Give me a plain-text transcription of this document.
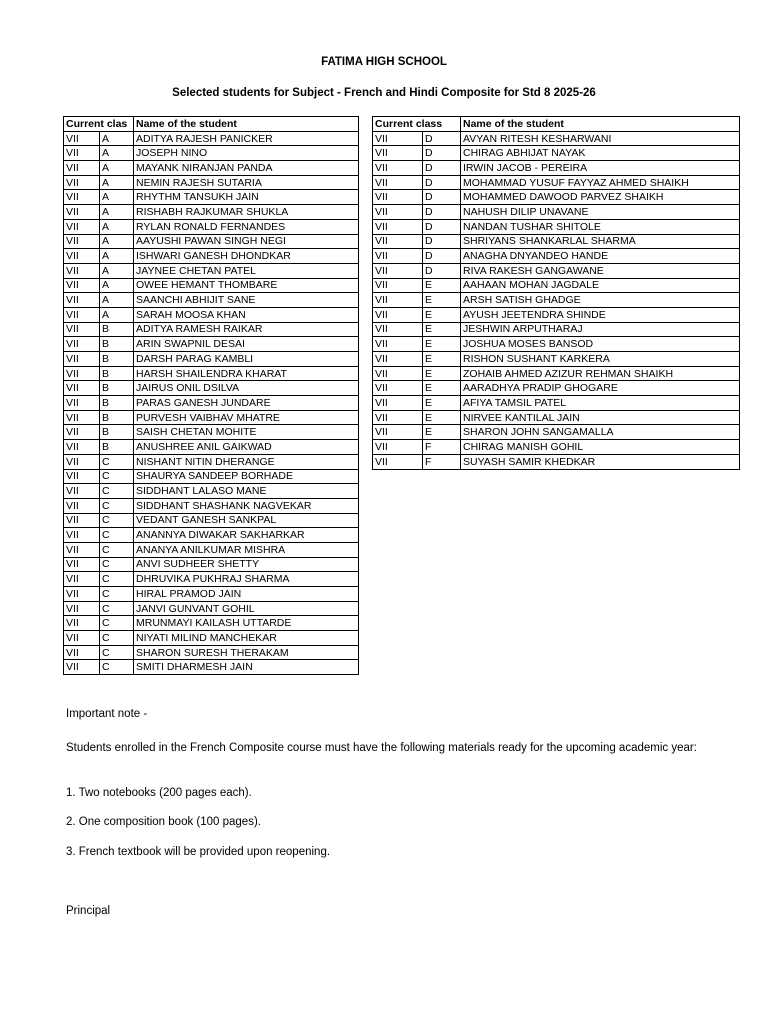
FATIMA HIGH SCHOOL
Selected students for Subject - French and Hindi Composite for Std 8 2025-26
Current clas		Name of the student
VII	A	ADITYA RAJESH PANICKER
VII	A	JOSEPH NINO
VII	A	MAYANK NIRANJAN PANDA
VII	A	NEMIN RAJESH SUTARIA
VII	A	RHYTHM TANSUKH JAIN
VII	A	RISHABH RAJKUMAR SHUKLA
VII	A	RYLAN RONALD FERNANDES
VII	A	AAYUSHI PAWAN SINGH NEGI
VII	A	ISHWARI GANESH DHONDKAR
VII	A	JAYNEE CHETAN PATEL
VII	A	OWEE HEMANT THOMBARE
VII	A	SAANCHI ABHIJIT SANE
VII	A	SARAH MOOSA KHAN
VII	B	ADITYA RAMESH RAIKAR
VII	B	ARIN SWAPNIL DESAI
VII	B	DARSH PARAG KAMBLI
VII	B	HARSH SHAILENDRA KHARAT
VII	B	JAIRUS ONIL DSILVA
VII	B	PARAS GANESH JUNDARE
VII	B	PURVESH VAIBHAV MHATRE
VII	B	SAISH CHETAN MOHITE
VII	B	ANUSHREE ANIL GAIKWAD
VII	C	NISHANT NITIN DHERANGE
VII	C	SHAURYA SANDEEP BORHADE
VII	C	SIDDHANT LALASO MANE
VII	C	SIDDHANT SHASHANK NAGVEKAR
VII	C	VEDANT GANESH SANKPAL
VII	C	ANANNYA DIWAKAR SAKHARKAR
VII	C	ANANYA ANILKUMAR MISHRA
VII	C	ANVI SUDHEER SHETTY
VII	C	DHRUVIKA PUKHRAJ SHARMA
VII	C	HIRAL PRAMOD JAIN
VII	C	JANVI GUNVANT GOHIL
VII	C	MRUNMAYI KAILASH UTTARDE
VII	C	NIYATI MILIND MANCHEKAR
VII	C	SHARON SURESH THERAKAM
VII	C	SMITI DHARMESH JAIN
Current class		Name of the student
VII	D	AVYAN RITESH KESHARWANI
VII	D	CHIRAG ABHIJAT NAYAK
VII	D	IRWIN JACOB - PEREIRA
VII	D	MOHAMMAD YUSUF FAYYAZ AHMED SHAIKH
VII	D	MOHAMMED DAWOOD PARVEZ SHAIKH
VII	D	NAHUSH DILIP UNAVANE
VII	D	NANDAN TUSHAR SHITOLE
VII	D	SHRIYANS SHANKARLAL SHARMA
VII	D	ANAGHA DNYANDEO HANDE
VII	D	RIVA RAKESH GANGAWANE
VII	E	AAHAAN MOHAN JAGDALE
VII	E	ARSH SATISH GHADGE
VII	E	AYUSH JEETENDRA SHINDE
VII	E	JESHWIN ARPUTHARAJ
VII	E	JOSHUA MOSES BANSOD
VII	E	RISHON SUSHANT KARKERA
VII	E	ZOHAIB AHMED AZIZUR REHMAN SHAIKH
VII	E	AARADHYA PRADIP GHOGARE
VII	E	AFIYA TAMSIL PATEL
VII	E	NIRVEE KANTILAL JAIN
VII	E	SHARON JOHN SANGAMALLA
VII	F	CHIRAG MANISH GOHIL
VII	F	SUYASH SAMIR KHEDKAR
Important note -
Students enrolled in the French Composite course must have the following materials ready for the upcoming academic year:
1. Two notebooks (200 pages each).
2. One composition book (100 pages).
3. French textbook will be provided upon reopening.
Principal
